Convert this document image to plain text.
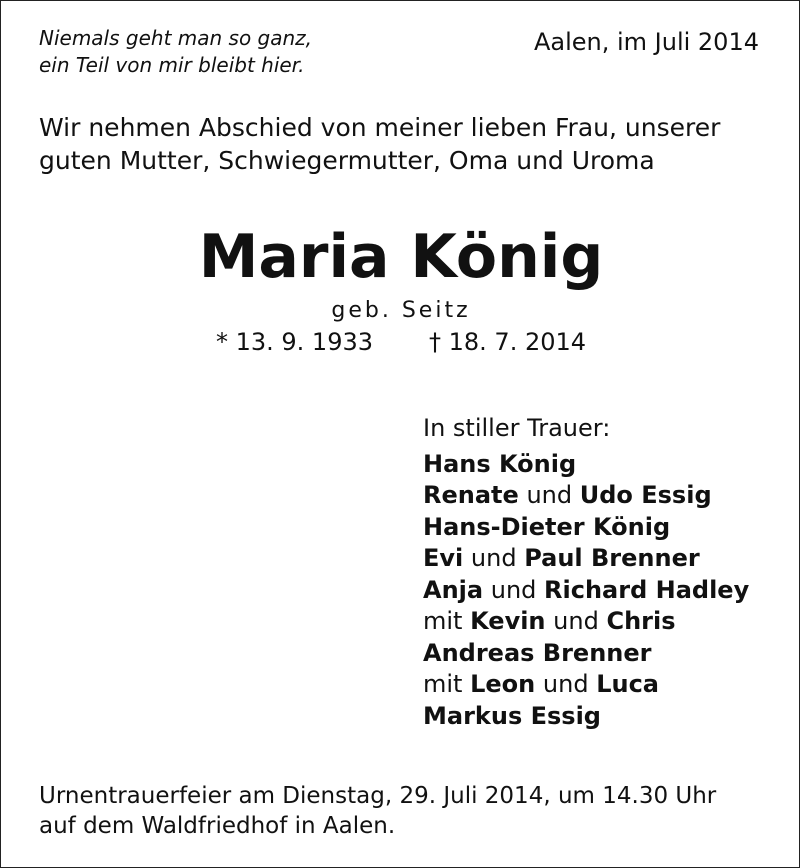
Niemals geht man so ganz,
ein Teil von mir bleibt hier.
Aalen, im Juli 2014
Wir nehmen Abschied von meiner lieben Frau, unserer
guten Mutter, Schwiegermutter, Oma und Uroma
Maria König
geb. Seitz
* 13. 9. 1933 † 18. 7. 2014
In stiller Trauer:
Hans König
Renate und Udo Essig
Hans-Dieter König
Evi und Paul Brenner
Anja und Richard Hadley
mit Kevin und Chris
Andreas Brenner
mit Leon und Luca
Markus Essig
Urnentrauerfeier am Dienstag, 29. Juli 2014, um 14.30 Uhr
auf dem Waldfriedhof in Aalen.
